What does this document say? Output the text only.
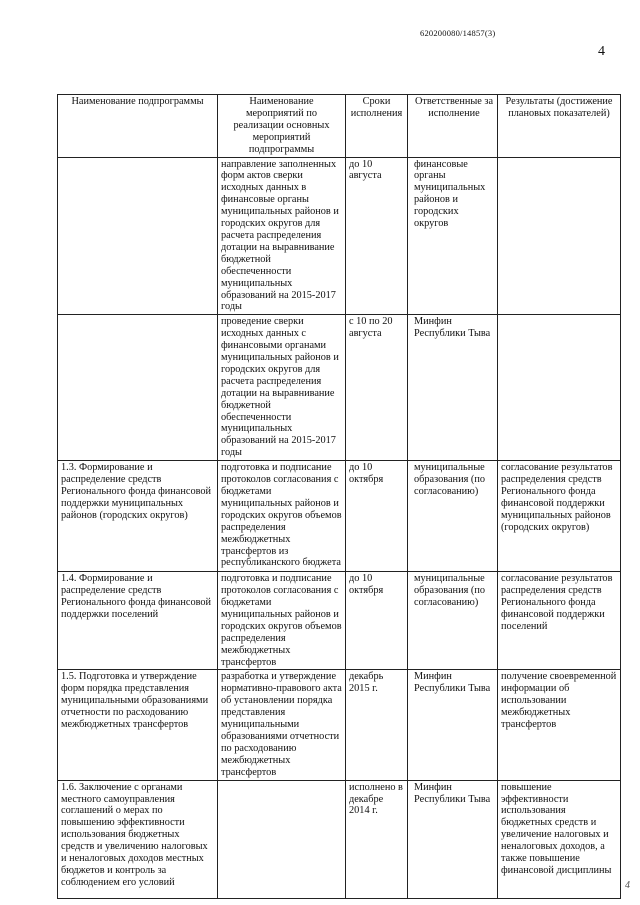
620200080/14857(3)
4
Наименование подпрограммы	Наименование мероприятий по реализации основных мероприятий подпрограммы	Сроки исполнения	Ответственные за исполнение	Результаты (достижение плановых показателей)
	направление заполненных форм актов сверки исходных данных в финансовые органы муниципальных районов и городских округов для расчета распределения дотации на выравнивание бюджетной обеспеченности муниципальных образований на 2015-2017 годы	до 10 августа	финансовые органы муниципальных районов и городских округов	
	проведение сверки исходных данных с финансовыми органами муниципальных районов и городских округов для расчета распределения дотации на выравнивание бюджетной обеспеченности муниципальных образований на 2015-2017 годы	с 10 по 20 августа	Минфин Республики Тыва	
1.3. Формирование и распределение средств Регионального фонда финансовой поддержки муниципальных районов (городских округов)	подготовка и подписание протоколов согласования с бюджетами муниципальных районов и городских округов объемов распределения межбюджетных трансфертов из республиканского бюджета	до 10 октября	муниципальные образования (по согласованию)	согласование результатов распределения средств Регионального фонда финансовой поддержки муниципальных районов (городских округов)
1.4. Формирование и распределение средств Регионального фонда финансовой поддержки поселений	подготовка и подписание протоколов согласования с бюджетами муниципальных районов и городских округов объемов распределения межбюджетных трансфертов	до 10 октября	муниципальные образования (по согласованию)	согласование результатов распределения средств Регионального фонда финансовой поддержки поселений
1.5. Подготовка и утверждение форм порядка представления муниципальными образованиями отчетности по расходованию межбюджетных трансфертов	разработка и утверждение нормативно-правового акта об установлении порядка представления муниципальными образованиями отчетности по расходованию межбюджетных трансфертов	декабрь 2015 г.	Минфин Республики Тыва	получение своевременной информации об использовании межбюджетных трансфертов
1.6. Заключение с органами местного самоуправления соглашений о мерах по повышению эффективности использования бюджетных средств и увеличению налоговых и неналоговых доходов местных бюджетов и контроль за соблюдением его условий		исполнено в декабре 2014 г.	Минфин Республики Тыва	повышение эффективности использования бюджетных средств и увеличение налоговых и неналоговых доходов, а также повышение финансовой дисциплины
4
